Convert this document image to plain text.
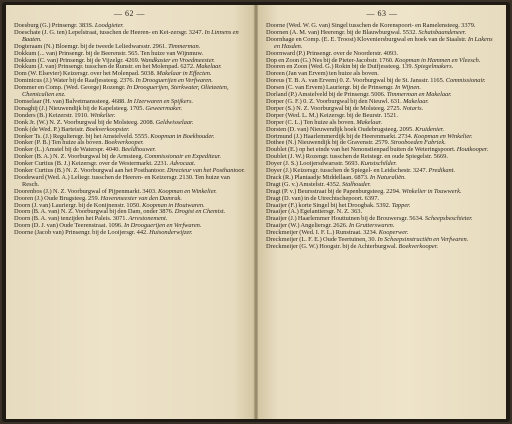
— 62 —

Doesburg (G.) Prinsengr. 383S. Loodgieter.

Doeschate (J. G. ten) Lepelstraat, tusschen de Heeren- en Kei-zersgr. 3247. In Linnens en Baaten.

Dogteraam (N.) Bloemgr. bij de tweede Leliedwarsstr. 2961. Timmerman.

Dokkum (... van) Prinsengr. bij de Beerenstr. 565. Ten huize van Wijnmuw.

Dokkum (C. van) Prinsengr. bij de Vijzelgr. 4269. Wandkaster en Vroedmeester.

Dokkum (J. van) Prinsengr. tusschen de Runstr. en het Molenpad. 6272. Makelaar.

Dom (W. Elsevier) Keizersgr. over het Molenpad. 5038. Makelaar in Effecten.

Dominicus (J.) Water bij de Raafjessteeg. 2376. In Drooguerijen en Verfwaren.

Dommer en Comp. (Wed. George) Rozengr. In Drooguerijen, Sterkwater, Olieteeten, Chemicalien enz.

Domselaar (H. van) Balvetmanssteeg. 4688. In IJzerwaren en Spijkers.

Donaghij (J.) Nieuwendijk bij de Kapelsteeg. 1705. Geweermaker.

Donders (B.) Keizerstr. 1910. Winkelier.

Donk Jr. (W.) N. Z. Voorburgwal bij de Molsteeg. 2008. Geldwisselaar.

Donk (de Wed. P.) Barteistr. Boekverkoopster.

Donker Ts. (J.) Regulieregr. bij het Amstelveld. 5555. Koopman in Boekhouder.

Donker (P. B.) Ten huize als boven. Boekverkooper.

Donker (L.) Amstel bij de Waterspr. 4040. Beeldhouwer.

Donker (B. A.) N. Z. Voorburgwal bij de Armsteeg. Commissionair en Expediteur.

Donker Curtius (B. J.) Keizersgr. over de Westermarkt. 2231. Advocaat.

Donker Curtius (B.) N. Z. Voorburgwal aan het Posthantoor. Directeur van het Posthantoor.

Doodeward (Wed. A.) Leliegr. tusschen de Heeren- en Keizersgr. 2130. Ten huize van Resch.

Doorenbos (J.) N. Z. Voorburgwal of Pijpenmarkt. 3403. Koopman en Winkelier.

Dooren (J.) Oude Brugsteeg. 259. Havenmeester van den Damrak.

Doorn (J. van) Lauriergr. bij de Konijnenstr. 1050. Koopman in Houtwaren.

Doorn (B. A. van) N. Z. Voorburgwal bij den Dam, onder 3876. Drogist en Chemist.

Doorn (B. A. van) tenzijden het Paleis. 3071. Arrestonement.

Doorn (D. J. van) Oude Teerenstraat. 1096. In Drooguerijen en Verfwaren.

Doorne (Jacob van) Prinsengr. bij de Looijersgr. 442. Huisonderwijzer.

— 63 —

Doorne (Wed. W. G. van) Singel tusschen de Korenspoort- en Ramelensteeg. 3379.

Doornen (A. M. van) Heerengr. bij de Blauwburgwal. 5532. Schatsbaandeneer.

Doornhage en Comp. (E. E. Troost) Kloveniersburgwal en hoek van de Staalstr. In Lakens en Hasden.

Doornward (P.) Prinsengr. over de Noorderstr. 4093.

Dop en Zoon (G.) Nes bij de Pieter-Jacobstr. 1760. Koopman in Hammen en Vleesch.

Dooren en Zoon (Wed. G.) Rokin bij de Duifjessteeg. 139. Spiegelmakers.

Doreen (Jan van Ervem) ten huize als boven.

Doreus (T. B. A. van Ervem) 0. Z. Voorburgwal bij de St. Jansstr. 1165. Commissionair.

Dorsen (C. van Ervem) Lauriergr. bij de Prinsengr. In Wijnen.

Dorland (P.) Amstelveld bij de Prinsengr. 5006. Timmerman en Makelaar.

Dorper (G. F.) 0. Z. Voorburgwal bij den Nieuwl. 631. Makelaar.

Dorper (S.) N. Z. Voorburgwal bij de Molsteeg. 2725. Notaris.

Dorper (Wed. L. M.) Keizersgr. bij de Beurstr. 1521.

Dorper (C. L.) Ten huize als boven. Makelaar.

Dorsten (D. van) Nieuwendijk hoek Oudebrugsteeg. 2095. Kruidenier.

Dortmund (J.) Haarlemmerdijk bij de Heerenmarkt. 2734. Koopman en Winkelier.

Dothee (N.) Nieuwendijk bij de Gravenstr. 2579. Strooboeden Fabriek.

Doublet (E.) op het einde van het Nenonstienpad buiten de Weteringspoort. Houtkooper.

Doublet (J. W.) Rozengr. tusschen de Reistegr. en oude Spiegelstr. 5669.

Doyer (J. S.) Looijersdwarsstr. 5693. Kunstschilder.

Doyer (J.) Keizersgr. tusschen de Spiegel- en Leidschestr. 3247. Predikant.

Drack (R.) Plantaadje Middellaan. 6873. In Naturaliën.

Dragt (G. v.) Amstelstr. 4352. Stalhouder.

Dragt (P. v.) Beursstraat bij de Papenburgsteeg. 2294. Winkelier in Touwwerk.

Dragt (D. van) in de Utrechtschepoort. 6397.

Draaijer (F.) korte Singel bij het Droogbak. 5392. Tapper.

Draaijer (A.) Egelantiersgr. N. Z. 363.

Draaijer (J.) Haarlemmer Houttuinen bij de Brouwersgr. 5634. Scheepsbeschieter.

Draaijer (W.) Angeliersgr. 2626. In Grutterswaren.

Dreckmeijer (Wed. I. F. L.) Runstraat. 3234. Kooperwer.

Dreckmeijer (L. F. E.) Oude Teertuinen, 30. In Scheepsinstructiën en Verfwaren.

Dreckmeijer (G. W.) Hoogstr. bij de Achterburgwal. Boekverkooper.
